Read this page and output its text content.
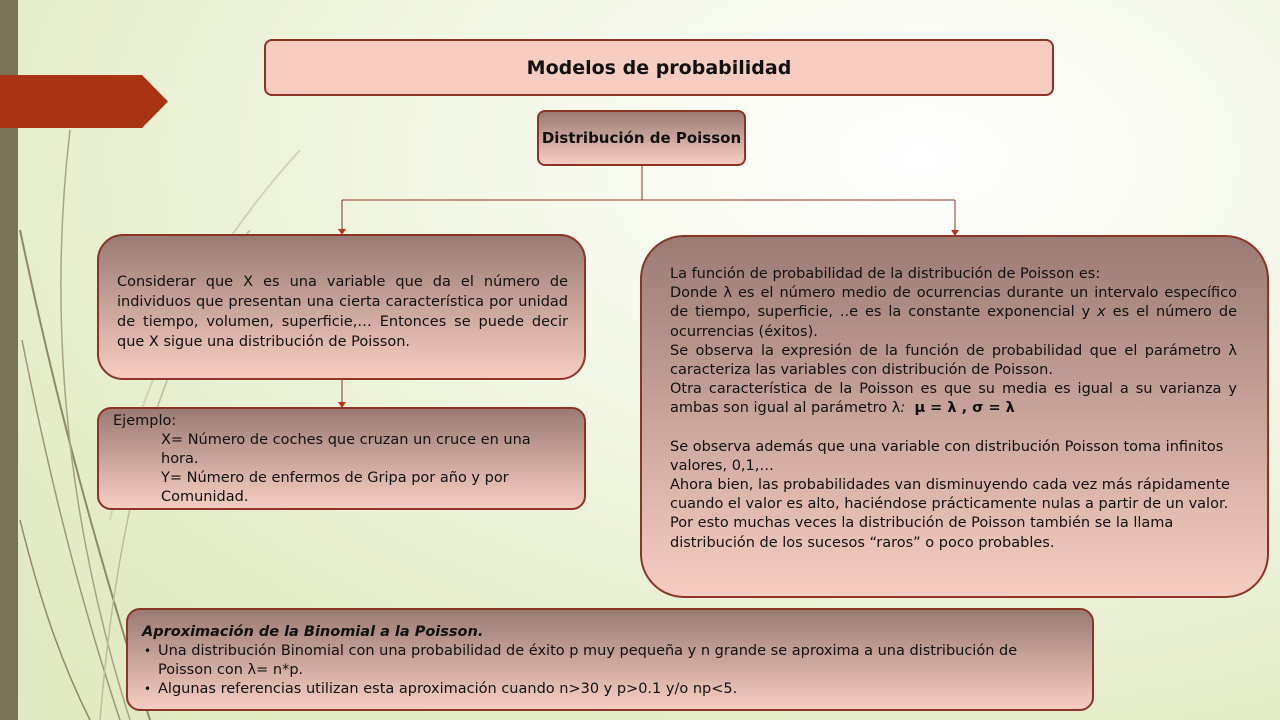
Modelos de probabilidad
Distribución de Poisson
Considerar que X es una variable que da el número de individuos que presentan una cierta característica por unidad de tiempo, volumen, superficie,… Entonces se puede decir que X sigue una distribución de Poisson.
Ejemplo:
X= Número de coches que cruzan un cruce en una hora.
Y= Número de enfermos de Gripa por año y por Comunidad.
La función de probabilidad de la distribución de Poisson es:
Donde λ es el número medio de ocurrencias durante un intervalo específico de tiempo, superficie, ..e es la constante exponencial y x es el número de ocurrencias (éxitos).
Se observa la expresión de la función de probabilidad que el parámetro λ caracteriza las variables con distribución de Poisson.
Otra característica de la Poisson es que su media es igual a su varianza y ambas son igual al parámetro λ: μ = λ , σ = λ
Se observa además que una variable con distribución Poisson toma infinitos valores, 0,1,…
Ahora bien, las probabilidades van disminuyendo cada vez más rápidamente cuando el valor es alto, haciéndose prácticamente nulas a partir de un valor. Por esto muchas veces la distribución de Poisson también se la llama distribución de los sucesos “raros” o poco probables.
Aproximación de la Binomial a la Poisson.
• Una distribución Binomial con una probabilidad de éxito p muy pequeña y n grande se aproxima a una distribución de Poisson con λ= n*p.
• Algunas referencias utilizan esta aproximación cuando n>30 y p>0.1 y/o np<5.
